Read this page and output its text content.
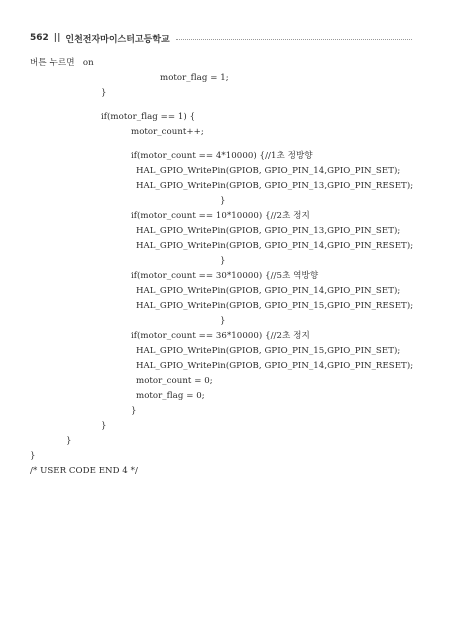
562 || 인천전자마이스터고등학교
버튼 누르면   on
motor_flag = 1;
}
if(motor_flag == 1) {
motor_count++;
if(motor_count == 4*10000) {//1초 정방향
HAL_GPIO_WritePin(GPIOB, GPIO_PIN_14,GPIO_PIN_SET);
HAL_GPIO_WritePin(GPIOB, GPIO_PIN_13,GPIO_PIN_RESET);
}
if(motor_count == 10*10000) {//2초 정지
HAL_GPIO_WritePin(GPIOB, GPIO_PIN_13,GPIO_PIN_SET);
HAL_GPIO_WritePin(GPIOB, GPIO_PIN_14,GPIO_PIN_RESET);
}
if(motor_count == 30*10000) {//5초 역방향
HAL_GPIO_WritePin(GPIOB, GPIO_PIN_14,GPIO_PIN_SET);
HAL_GPIO_WritePin(GPIOB, GPIO_PIN_15,GPIO_PIN_RESET);
}
if(motor_count == 36*10000) {//2초 정지
HAL_GPIO_WritePin(GPIOB, GPIO_PIN_15,GPIO_PIN_SET);
HAL_GPIO_WritePin(GPIOB, GPIO_PIN_14,GPIO_PIN_RESET);
motor_count = 0;
motor_flag = 0;
}
}
}
}
/* USER CODE END 4 */
